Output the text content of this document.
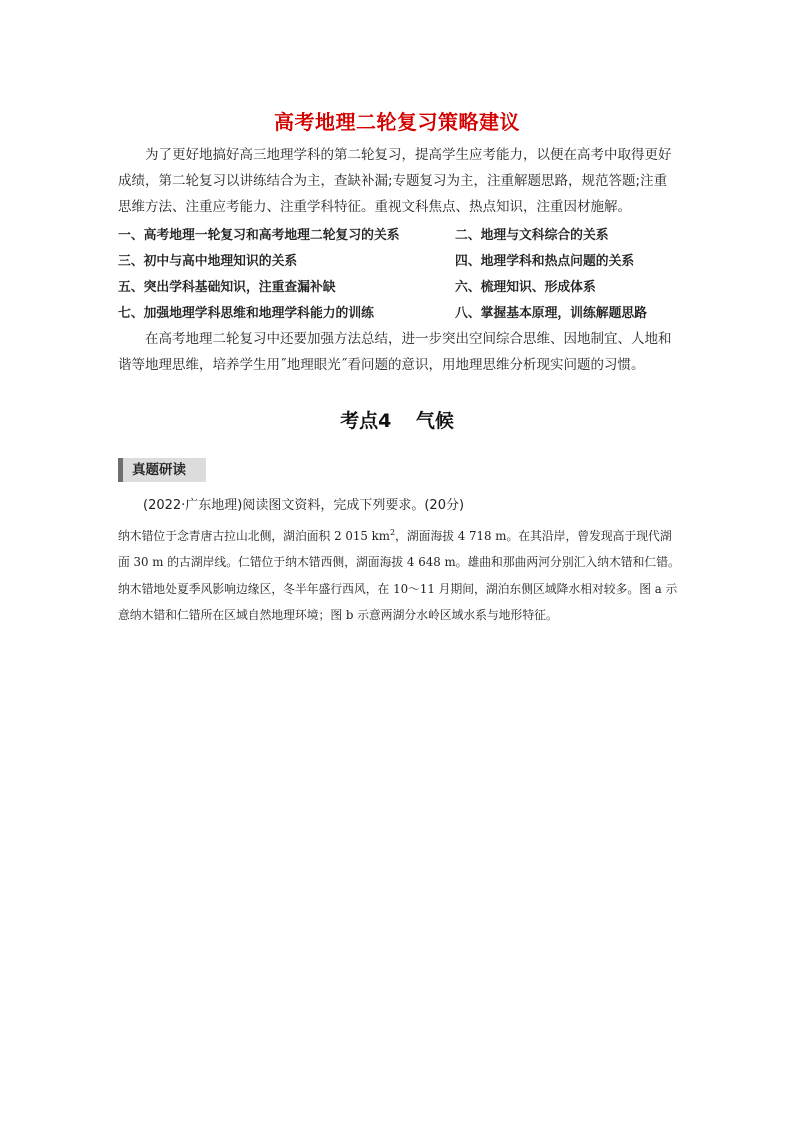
高考地理二轮复习策略建议

为了更好地搞好高三地理学科的第二轮复习，提高学生应考能力，以便在高考中取得更好成绩，第二轮复习以讲练结合为主，查缺补漏;专题复习为主，注重解题思路，规范答题;注重思维方法、注重应考能力、注重学科特征。重视文科焦点、热点知识，注重因材施解。

一、高考地理一轮复习和高考地理二轮复习的关系	二、地理与文科综合的关系
三、初中与高中地理知识的关系	四、地理学科和热点问题的关系
五、突出学科基础知识，注重查漏补缺	六、梳理知识、形成体系
七、加强地理学科思维和地理学科能力的训练	八、掌握基本原理，训练解题思路

在高考地理二轮复习中还要加强方法总结，进一步突出空间综合思维、因地制宜、人地和谐等地理思维，培养学生用˝地理眼光˝看问题的意识，用地理思维分析现实问题的习惯。

考点4 气候
真题研读
(2022·广东地理)阅读图文资料，完成下列要求。(20分)
纳木错位于念青唐古拉山北侧，湖泊面积 2 015 $km^2$，湖面海拔 4 718 m。在其沿岸，曾发现高于现代湖面 30 m 的古湖岸线。仁错位于纳木错西侧，湖面海拔 4 648 m。雄曲和那曲两河分别汇入纳木错和仁错。纳木错地处夏季风影响边缘区，冬半年盛行西风，在 10～11 月期间，湖泊东侧区域降水相对较多。图 a 示意纳木错和仁错所在区域自然地理环境；图 b 示意两湖分水岭区域水系与地形特征。
